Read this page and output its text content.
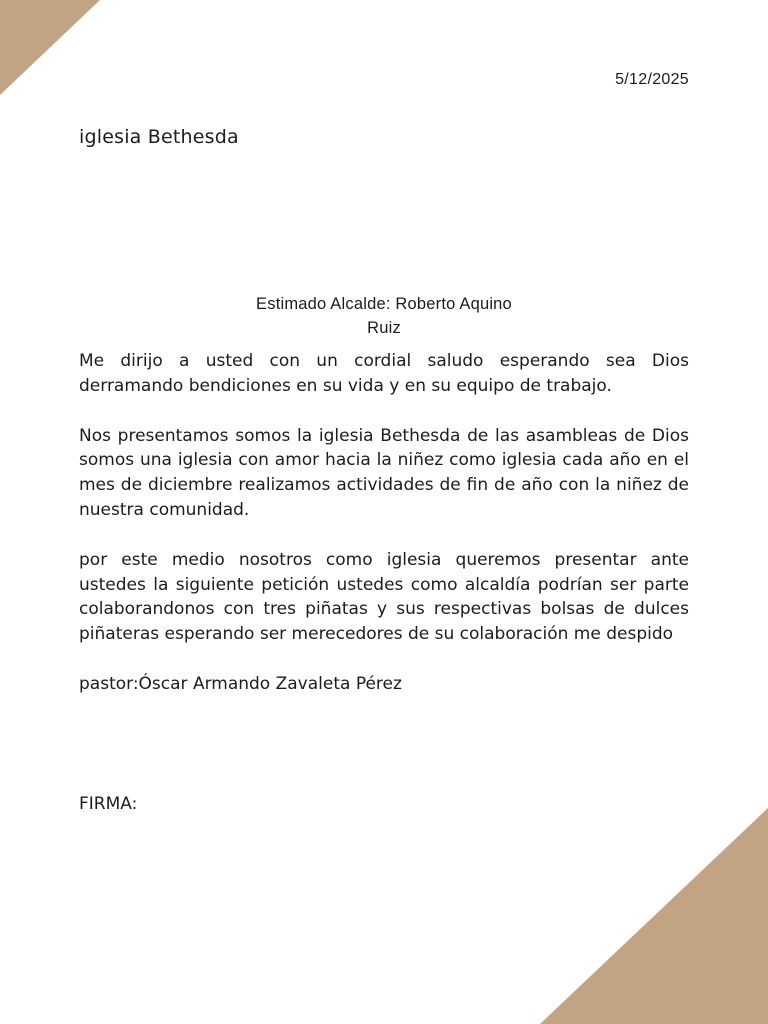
5/12/2025
iglesia Bethesda
Estimado Alcalde: Roberto Aquino
Ruiz

Me dirijo a usted con un cordial saludo esperando sea Dios derramando bendiciones en su vida y en su equipo de trabajo.

Nos presentamos somos la iglesia Bethesda de las asambleas de Dios somos una iglesia con amor hacia la niñez como iglesia cada año en el mes de diciembre realizamos actividades de fin de año con la niñez de nuestra comunidad.

por este medio nosotros como iglesia queremos presentar ante ustedes la siguiente petición ustedes como alcaldía podrían ser parte colaborandonos con tres piñatas y sus respectivas bolsas de dulces piñateras esperando ser merecedores de su colaboración me despido

pastor:Óscar Armando Zavaleta Pérez

FIRMA:
